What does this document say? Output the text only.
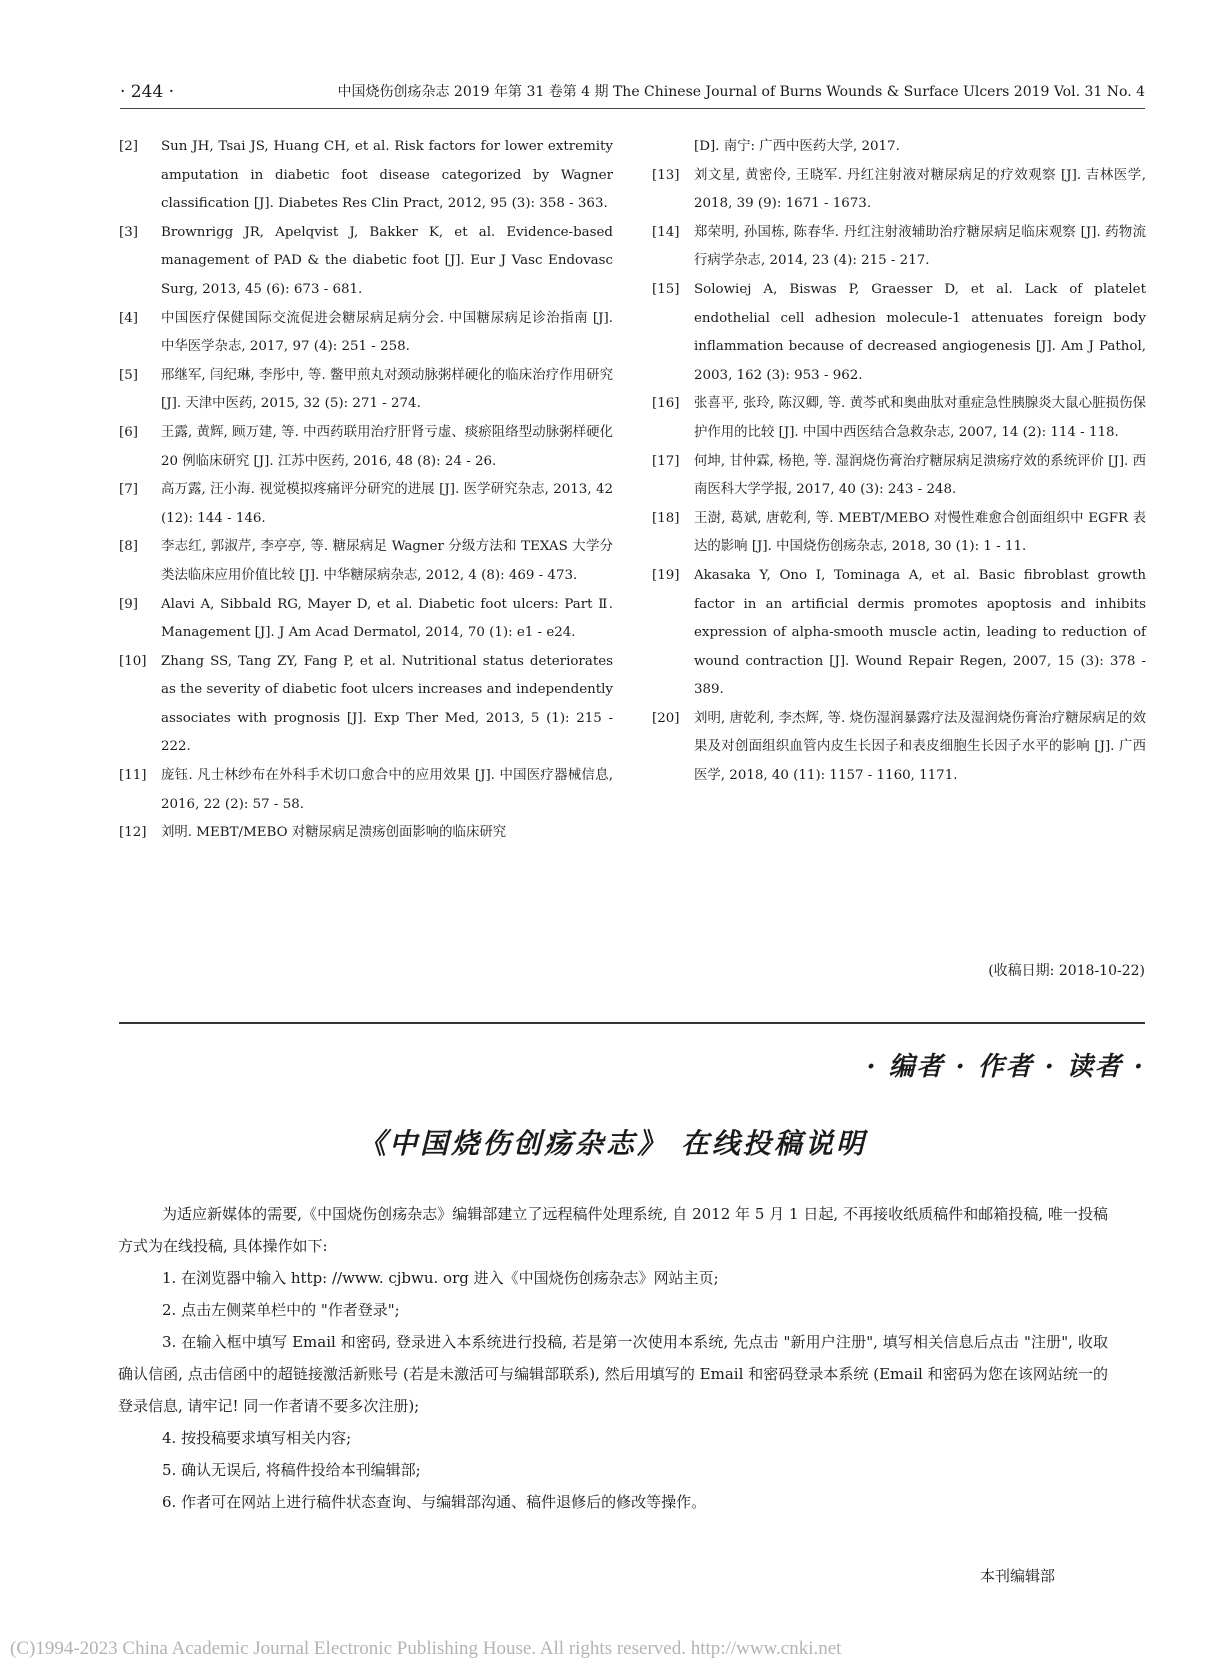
· 244 ·	中国烧伤创疡杂志 2019 年第 31 卷第 4 期 The Chinese Journal of Burns Wounds & Surface Ulcers 2019 Vol. 31 No. 4
[2]	Sun JH, Tsai JS, Huang CH, et al. Risk factors for lower extremity amputation in diabetic foot disease categorized by Wagner classification [J]. Diabetes Res Clin Pract, 2012, 95 (3): 358 - 363.
[3]	Brownrigg JR, Apelqvist J, Bakker K, et al. Evidence-based management of PAD & the diabetic foot [J]. Eur J Vasc Endovasc Surg, 2013, 45 (6): 673 - 681.
[4]	中国医疗保健国际交流促进会糖尿病足病分会. 中国糖尿病足诊治指南 [J]. 中华医学杂志, 2017, 97 (4): 251 - 258.
[5]	邢继军, 闫纪琳, 李彤中, 等. 鳖甲煎丸对颈动脉粥样硬化的临床治疗作用研究 [J]. 天津中医药, 2015, 32 (5): 271 - 274.
[6]	王露, 黄辉, 顾万建, 等. 中西药联用治疗肝肾亏虚、痰瘀阻络型动脉粥样硬化 20 例临床研究 [J]. 江苏中医药, 2016, 48 (8): 24 - 26.
[7]	高万露, 汪小海. 视觉模拟疼痛评分研究的进展 [J]. 医学研究杂志, 2013, 42 (12): 144 - 146.
[8]	李志红, 郭淑芹, 李亭亭, 等. 糖尿病足 Wagner 分级方法和 TEXAS 大学分类法临床应用价值比较 [J]. 中华糖尿病杂志, 2012, 4 (8): 469 - 473.
[9]	Alavi A, Sibbald RG, Mayer D, et al. Diabetic foot ulcers: Part Ⅱ. Management [J]. J Am Acad Dermatol, 2014, 70 (1): e1 - e24.
[10]	Zhang SS, Tang ZY, Fang P, et al. Nutritional status deteriorates as the severity of diabetic foot ulcers increases and independently associates with prognosis [J]. Exp Ther Med, 2013, 5 (1): 215 - 222.
[11]	庞钰. 凡士林纱布在外科手术切口愈合中的应用效果 [J]. 中国医疗器械信息, 2016, 22 (2): 57 - 58.
[12]	刘明. MEBT/MEBO 对糖尿病足溃疡创面影响的临床研究
[D]. 南宁: 广西中医药大学, 2017.
[13]	刘文星, 黄密伶, 王晓军. 丹红注射液对糖尿病足的疗效观察 [J]. 吉林医学, 2018, 39 (9): 1671 - 1673.
[14]	郑荣明, 孙国栋, 陈春华. 丹红注射液辅助治疗糖尿病足临床观察 [J]. 药物流行病学杂志, 2014, 23 (4): 215 - 217.
[15]	Solowiej A, Biswas P, Graesser D, et al. Lack of platelet endothelial cell adhesion molecule-1 attenuates foreign body inflammation because of decreased angiogenesis [J]. Am J Pathol, 2003, 162 (3): 953 - 962.
[16]	张喜平, 张玲, 陈汉卿, 等. 黄芩甙和奥曲肽对重症急性胰腺炎大鼠心脏损伤保护作用的比较 [J]. 中国中西医结合急救杂志, 2007, 14 (2): 114 - 118.
[17]	何坤, 甘仲霖, 杨艳, 等. 湿润烧伤膏治疗糖尿病足溃疡疗效的系统评价 [J]. 西南医科大学学报, 2017, 40 (3): 243 - 248.
[18]	王澍, 葛斌, 唐乾利, 等. MEBT/MEBO 对慢性难愈合创面组织中 EGFR 表达的影响 [J]. 中国烧伤创疡杂志, 2018, 30 (1): 1 - 11.
[19]	Akasaka Y, Ono I, Tominaga A, et al. Basic fibroblast growth factor in an artificial dermis promotes apoptosis and inhibits expression of alpha-smooth muscle actin, leading to reduction of wound contraction [J]. Wound Repair Regen, 2007, 15 (3): 378 - 389.
[20]	刘明, 唐乾利, 李杰辉, 等. 烧伤湿润暴露疗法及湿润烧伤膏治疗糖尿病足的效果及对创面组织血管内皮生长因子和表皮细胞生长因子水平的影响 [J]. 广西医学, 2018, 40 (11): 1157 - 1160, 1171.
(收稿日期: 2018-10-22)
· 编者 · 作者 · 读者 ·
《中国烧伤创疡杂志》 在线投稿说明

为适应新媒体的需要,《中国烧伤创疡杂志》编辑部建立了远程稿件处理系统, 自 2012 年 5 月 1 日起, 不再接收纸质稿件和邮箱投稿, 唯一投稿方式为在线投稿, 具体操作如下:

1. 在浏览器中输入 http: //www. cjbwu. org 进入《中国烧伤创疡杂志》网站主页;

2. 点击左侧菜单栏中的 "作者登录";

3. 在输入框中填写 Email 和密码, 登录进入本系统进行投稿, 若是第一次使用本系统, 先点击 "新用户注册", 填写相关信息后点击 "注册", 收取确认信函, 点击信函中的超链接激活新账号 (若是未激活可与编辑部联系), 然后用填写的 Email 和密码登录本系统 (Email 和密码为您在该网站统一的登录信息, 请牢记! 同一作者请不要多次注册);

4. 按投稿要求填写相关内容;

5. 确认无误后, 将稿件投给本刊编辑部;

6. 作者可在网站上进行稿件状态查询、与编辑部沟通、稿件退修后的修改等操作。

本刊编辑部
(C)1994-2023 China Academic Journal Electronic Publishing House. All rights reserved. http://www.cnki.net
